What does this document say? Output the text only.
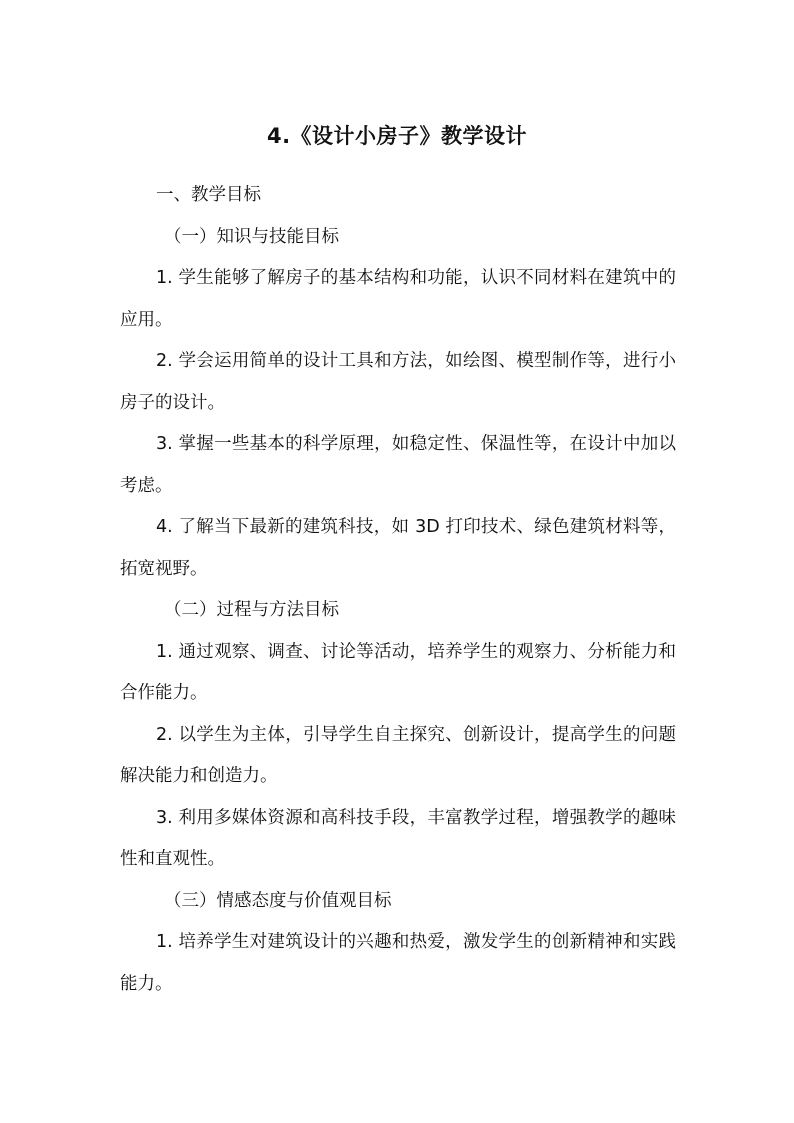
4.《设计小房子》教学设计

一、教学目标

（一）知识与技能目标

1. 学生能够了解房子的基本结构和功能，认识不同材料在建筑中的应用。

2. 学会运用简单的设计工具和方法，如绘图、模型制作等，进行小房子的设计。

3. 掌握一些基本的科学原理，如稳定性、保温性等，在设计中加以考虑。

4. 了解当下最新的建筑科技，如 3D 打印技术、绿色建筑材料等，拓宽视野。

（二）过程与方法目标

1. 通过观察、调查、讨论等活动，培养学生的观察力、分析能力和合作能力。

2. 以学生为主体，引导学生自主探究、创新设计，提高学生的问题解决能力和创造力。

3. 利用多媒体资源和高科技手段，丰富教学过程，增强教学的趣味性和直观性。

（三）情感态度与价值观目标

1. 培养学生对建筑设计的兴趣和热爱，激发学生的创新精神和实践能力。
